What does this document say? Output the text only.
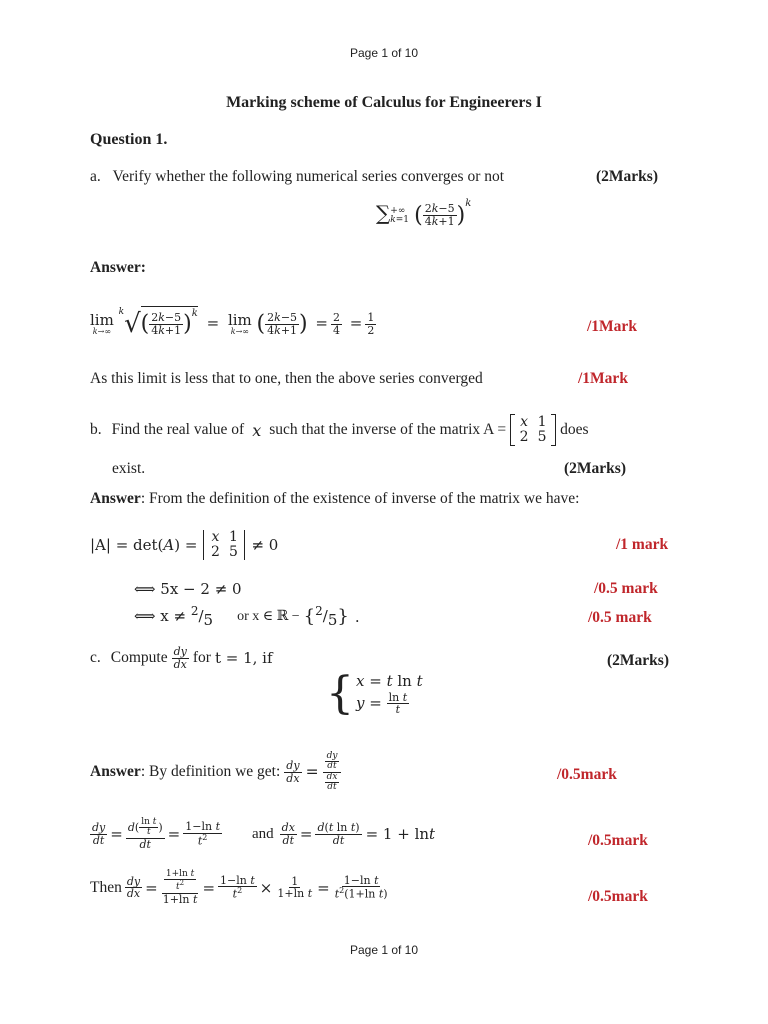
Page 1 of 10
Marking scheme of Calculus for Engineerers I
Question 1.
a. Verify whether the following numerical series converges or not	(2Marks)
∑ +∞
k=1 ( $\frac{2k-5}{4k+1} )^k$
Answer:
lim
k→∞
$^k√( \frac{2k-5}{4k+1} )^k = \lim$
k→∞ ( $\frac{2k-5}{4k+1}$ ) = $\frac{2}{4} = \frac{1}{2}$	/1Mark
As this limit is less that to one, then the above series converged	/1Mark
b. Find the real value of x such that the inverse of the matrix A =	x 1
2 5 does
exist.	(2Marks)
Answer: From the definition of the existence of inverse of the matrix we have:
|A| = det(A) =	x 1
2 5 ≠ 0	/1 mark
⟺ 5x − 2 ≠ 0	/0.5 mark
⟺ $x \ne ^2/_5$ or x ∈ ℝ − { $^2/_5$ } .	/0.5 mark
c. Compute $\frac{dy}{dx}$ for t = 1, if	(2Marks)
{ x = t ln t
$y = \frac{\text{ln t}}{t}$
Answer : By definition we get: $\frac{dy}{dx} = \frac{\frac{dy}{dt}}{\frac{dx}{dt}}$	/0.5mark
$\frac{dy}{dt} = \frac{d( \frac{\text{ln t}}{t} )}{dt} = \frac{\text{1−ln t}}{t^2}$ and $\frac{dx}{dt} = \frac{\text{d(t ln t)}}{dt} = 1 + \ln t$	/0.5mark
Then $\frac{dy}{dx} = \frac{\frac{\text{1+ln t}}{t^2}}{\text{1+ln t}} = \frac{\text{1−ln t}}{t^2} \times \frac{1}{\text{1+ln t}} = \frac{\text{1−ln t}}{t^2(1+\ln t)}$	/0.5mark
Page 1 of 10
